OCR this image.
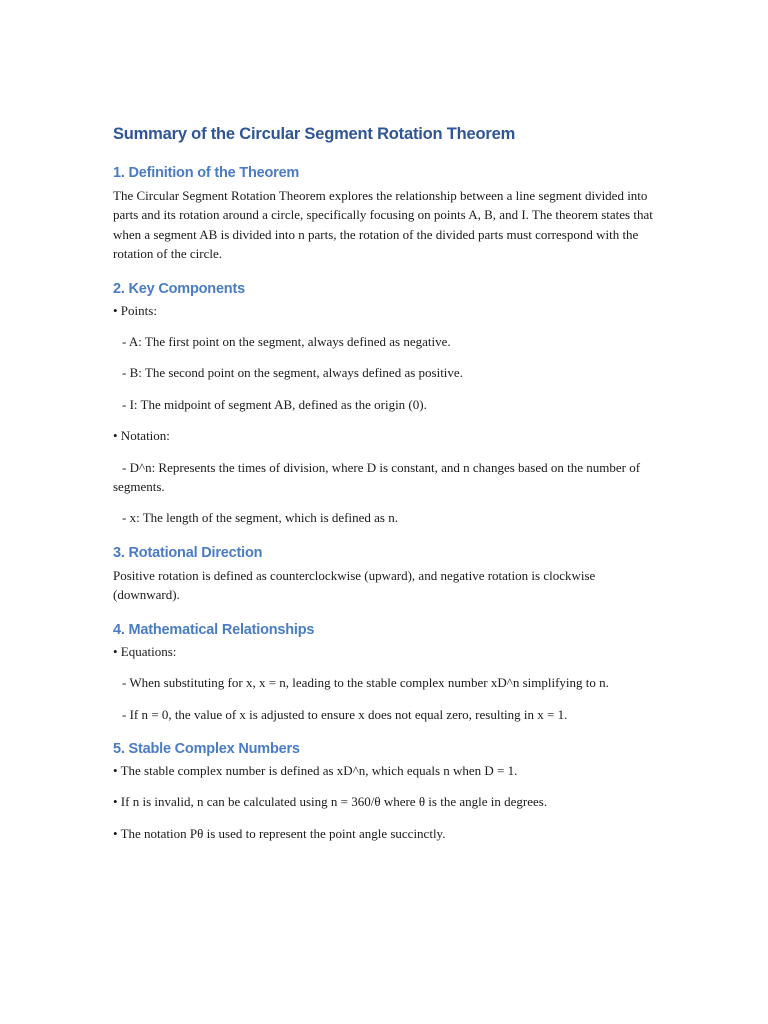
Summary of the Circular Segment Rotation Theorem
1. Definition of the Theorem

The Circular Segment Rotation Theorem explores the relationship between a line segment divided into parts and its rotation around a circle, specifically focusing on points A, B, and I. The theorem states that when a segment AB is divided into n parts, the rotation of the divided parts must correspond with the rotation of the circle.

2. Key Components

• Points:

- A: The first point on the segment, always defined as negative.

- B: The second point on the segment, always defined as positive.

- I: The midpoint of segment AB, defined as the origin (0).

• Notation:

- D^n: Represents the times of division, where D is constant, and n changes based on the number of segments.

- x: The length of the segment, which is defined as n.

3. Rotational Direction

Positive rotation is defined as counterclockwise (upward), and negative rotation is clockwise (downward).

4. Mathematical Relationships

• Equations:

- When substituting for x, x = n, leading to the stable complex number xD^n simplifying to n.

- If n = 0, the value of x is adjusted to ensure x does not equal zero, resulting in x = 1.

5. Stable Complex Numbers

• The stable complex number is defined as xD^n, which equals n when D = 1.

• If n is invalid, n can be calculated using n = 360/θ where θ is the angle in degrees.

• The notation Pθ is used to represent the point angle succinctly.
